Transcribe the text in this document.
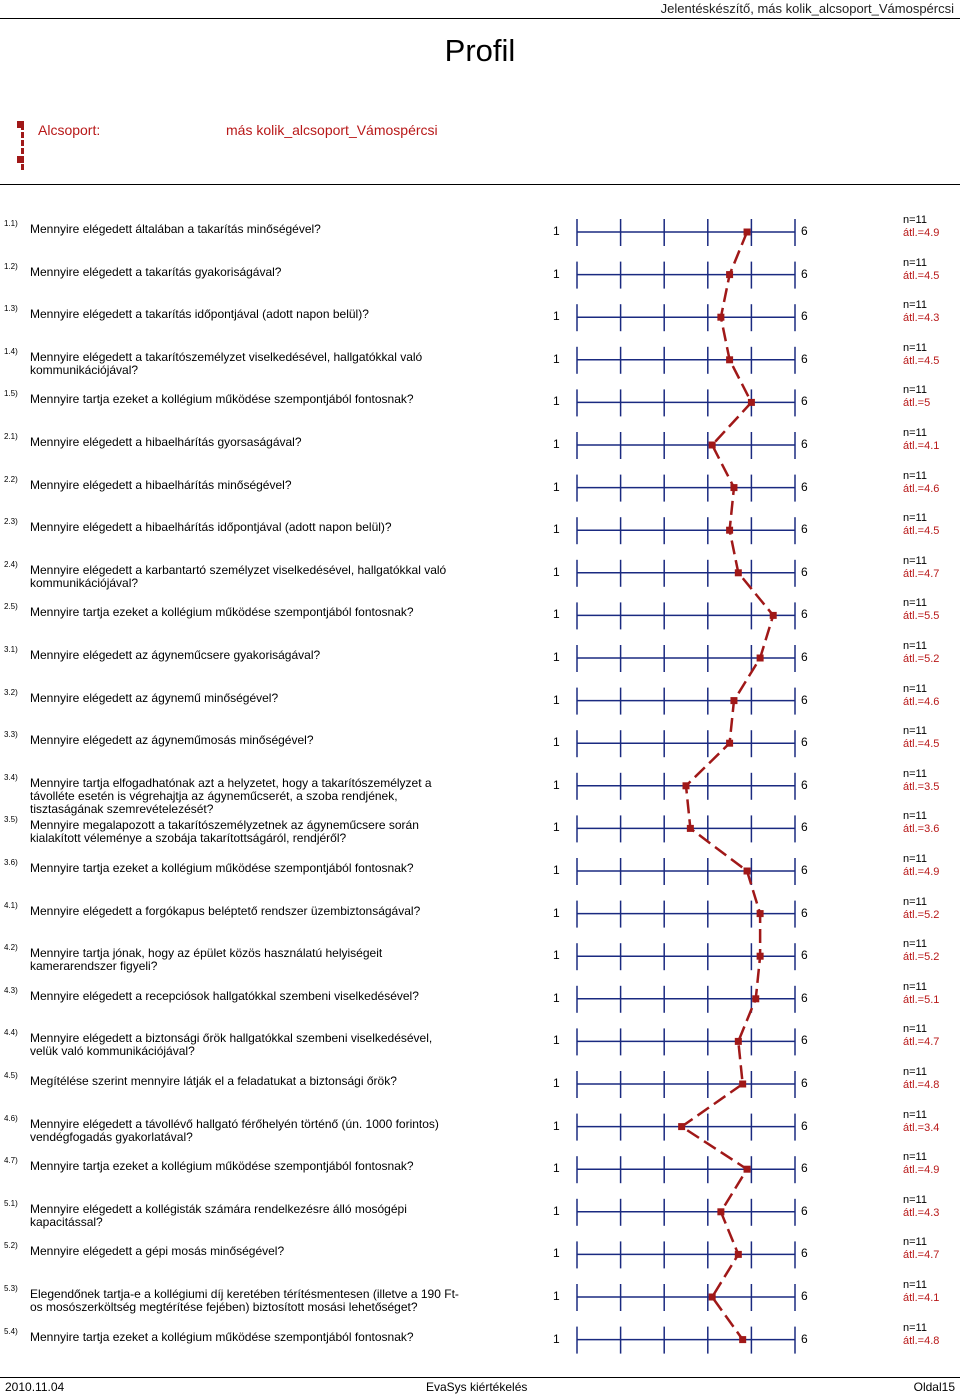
Jelentéskészítő, más kolik_alcsoport_Vámospércsi
Profil
Alcsoport:	más kolik_alcsoport_Vámospércsi
1.1) Mennyire elégedett általában a takarítás minőségével?	1	6
n=11
átl.=4.9
1.2) Mennyire elégedett a takarítás gyakoriságával?	1	6
n=11
átl.=4.5
1.3) Mennyire elégedett a takarítás időpontjával (adott napon belül)?	1	6
n=11
átl.=4.3
1.4) Mennyire elégedett a takarítószemélyzet viselkedésével, hallgatókkal való kommunikációjával?
1	6
n=11
átl.=4.5
1.5) Mennyire tartja ezeket a kollégium működése szempontjából fontosnak?	1	6
n=11
átl.=5
2.1) Mennyire elégedett a hibaelhárítás gyorsaságával?	1	6
n=11
átl.=4.1
2.2) Mennyire elégedett a hibaelhárítás minőségével?	1	6
n=11
átl.=4.6
2.3) Mennyire elégedett a hibaelhárítás időpontjával (adott napon belül)?	1	6
n=11
átl.=4.5
2.4) Mennyire elégedett a karbantartó személyzet viselkedésével, hallgatókkal való kommunikációjával?
1	6
n=11
átl.=4.7
2.5) Mennyire tartja ezeket a kollégium működése szempontjából fontosnak?	1	6
n=11
átl.=5.5
3.1) Mennyire elégedett az ágyneműcsere gyakoriságával?	1	6
n=11
átl.=5.2
3.2) Mennyire elégedett az ágynemű minőségével?	1	6
n=11
átl.=4.6
3.3) Mennyire elégedett az ágyneműmosás minőségével?	1	6
n=11
átl.=4.5
3.4) Mennyire tartja elfogadhatónak azt a helyzetet, hogy a takarítószemélyzet a távolléte esetén is végrehajtja az ágyneműcserét, a szoba rendjének, tisztaságának szemrevételezését?
1	6
n=11
átl.=3.5
3.5) Mennyire megalapozott a takarítószemélyzetnek az ágyneműcsere során kialakított véleménye a szobája takarítottságáról, rendjéről?
1	6
n=11
átl.=3.6
3.6) Mennyire tartja ezeket a kollégium működése szempontjából fontosnak?	1	6
n=11
átl.=4.9
4.1) Mennyire elégedett a forgókapus beléptető rendszer üzembiztonságával?	1	6
n=11
átl.=5.2
4.2) Mennyire tartja jónak, hogy az épület közös használatú helyiségeit kamerarendszer figyeli?
1	6
n=11
átl.=5.2
4.3) Mennyire elégedett a recepciósok hallgatókkal szembeni viselkedésével?	1	6
n=11
átl.=5.1
4.4) Mennyire elégedett a biztonsági őrök hallgatókkal szembeni viselkedésével, velük való kommunikációjával?
1	6
n=11
átl.=4.7
4.5) Megítélése szerint mennyire látják el a feladatukat a biztonsági őrök?	1	6
n=11
átl.=4.8
4.6) Mennyire elégedett a távollévő hallgató férőhelyén történő (ún. 1000 forintos) vendégfogadás gyakorlatával?
1	6
n=11
átl.=3.4
4.7) Mennyire tartja ezeket a kollégium működése szempontjából fontosnak?	1	6
n=11
átl.=4.9
5.1) Mennyire elégedett a kollégisták számára rendelkezésre álló mosógépi kapacitással?
1	6
n=11
átl.=4.3
5.2) Mennyire elégedett a gépi mosás minőségével?	1	6
n=11
átl.=4.7
5.3) Elegendőnek tartja-e a kollégiumi díj keretében térítésmentesen (illetve a 190 Ft-os mosószerköltség megtérítése fejében) biztosított mosási lehetőséget?
1	6
n=11
átl.=4.1
5.4) Mennyire tartja ezeket a kollégium működése szempontjából fontosnak?	1	6
n=11
átl.=4.8
2010.11.04	EvaSys kiértékelés	Oldal15
